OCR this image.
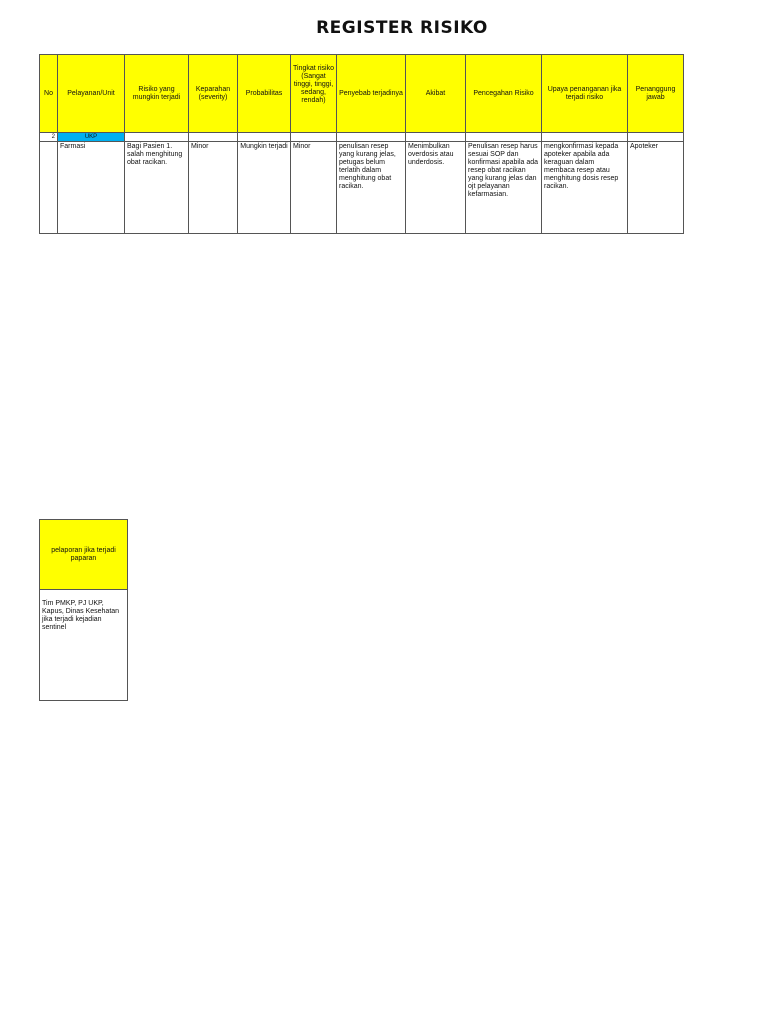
REGISTER RISIKO
No	Pelayanan/Unit	Risiko yang mungkin terjadi	Keparahan (severity)	Probabilitas	Tingkat risiko (Sangat tinggi, tinggi, sedang, rendah)	Penyebab terjadinya	Akibat	Pencegahan Risiko	Upaya penanganan jika terjadi risiko	Penanggung jawab
2	UKP									
	Farmasi	Bagi Pasien 1. salah menghitung obat racikan.	Minor	Mungkin terjadi	Minor	penulisan resep yang kurang jelas, petugas belum terlatih dalam menghitung obat racikan.	Menimbulkan overdosis atau underdosis.	Penulisan resep harus sesuai SOP dan konfirmasi apabila ada resep obat racikan yang kurang jelas dan ojt pelayanan kefarmasian.	mengkonfirmasi kepada apoteker apabila ada keraguan dalam membaca resep atau menghitung dosis resep racikan.	Apoteker
pelaporan jika terjadi paparan
Tim PMKP, PJ UKP, Kapus, Dinas Kesehatan jika terjadi kejadian sentinel
